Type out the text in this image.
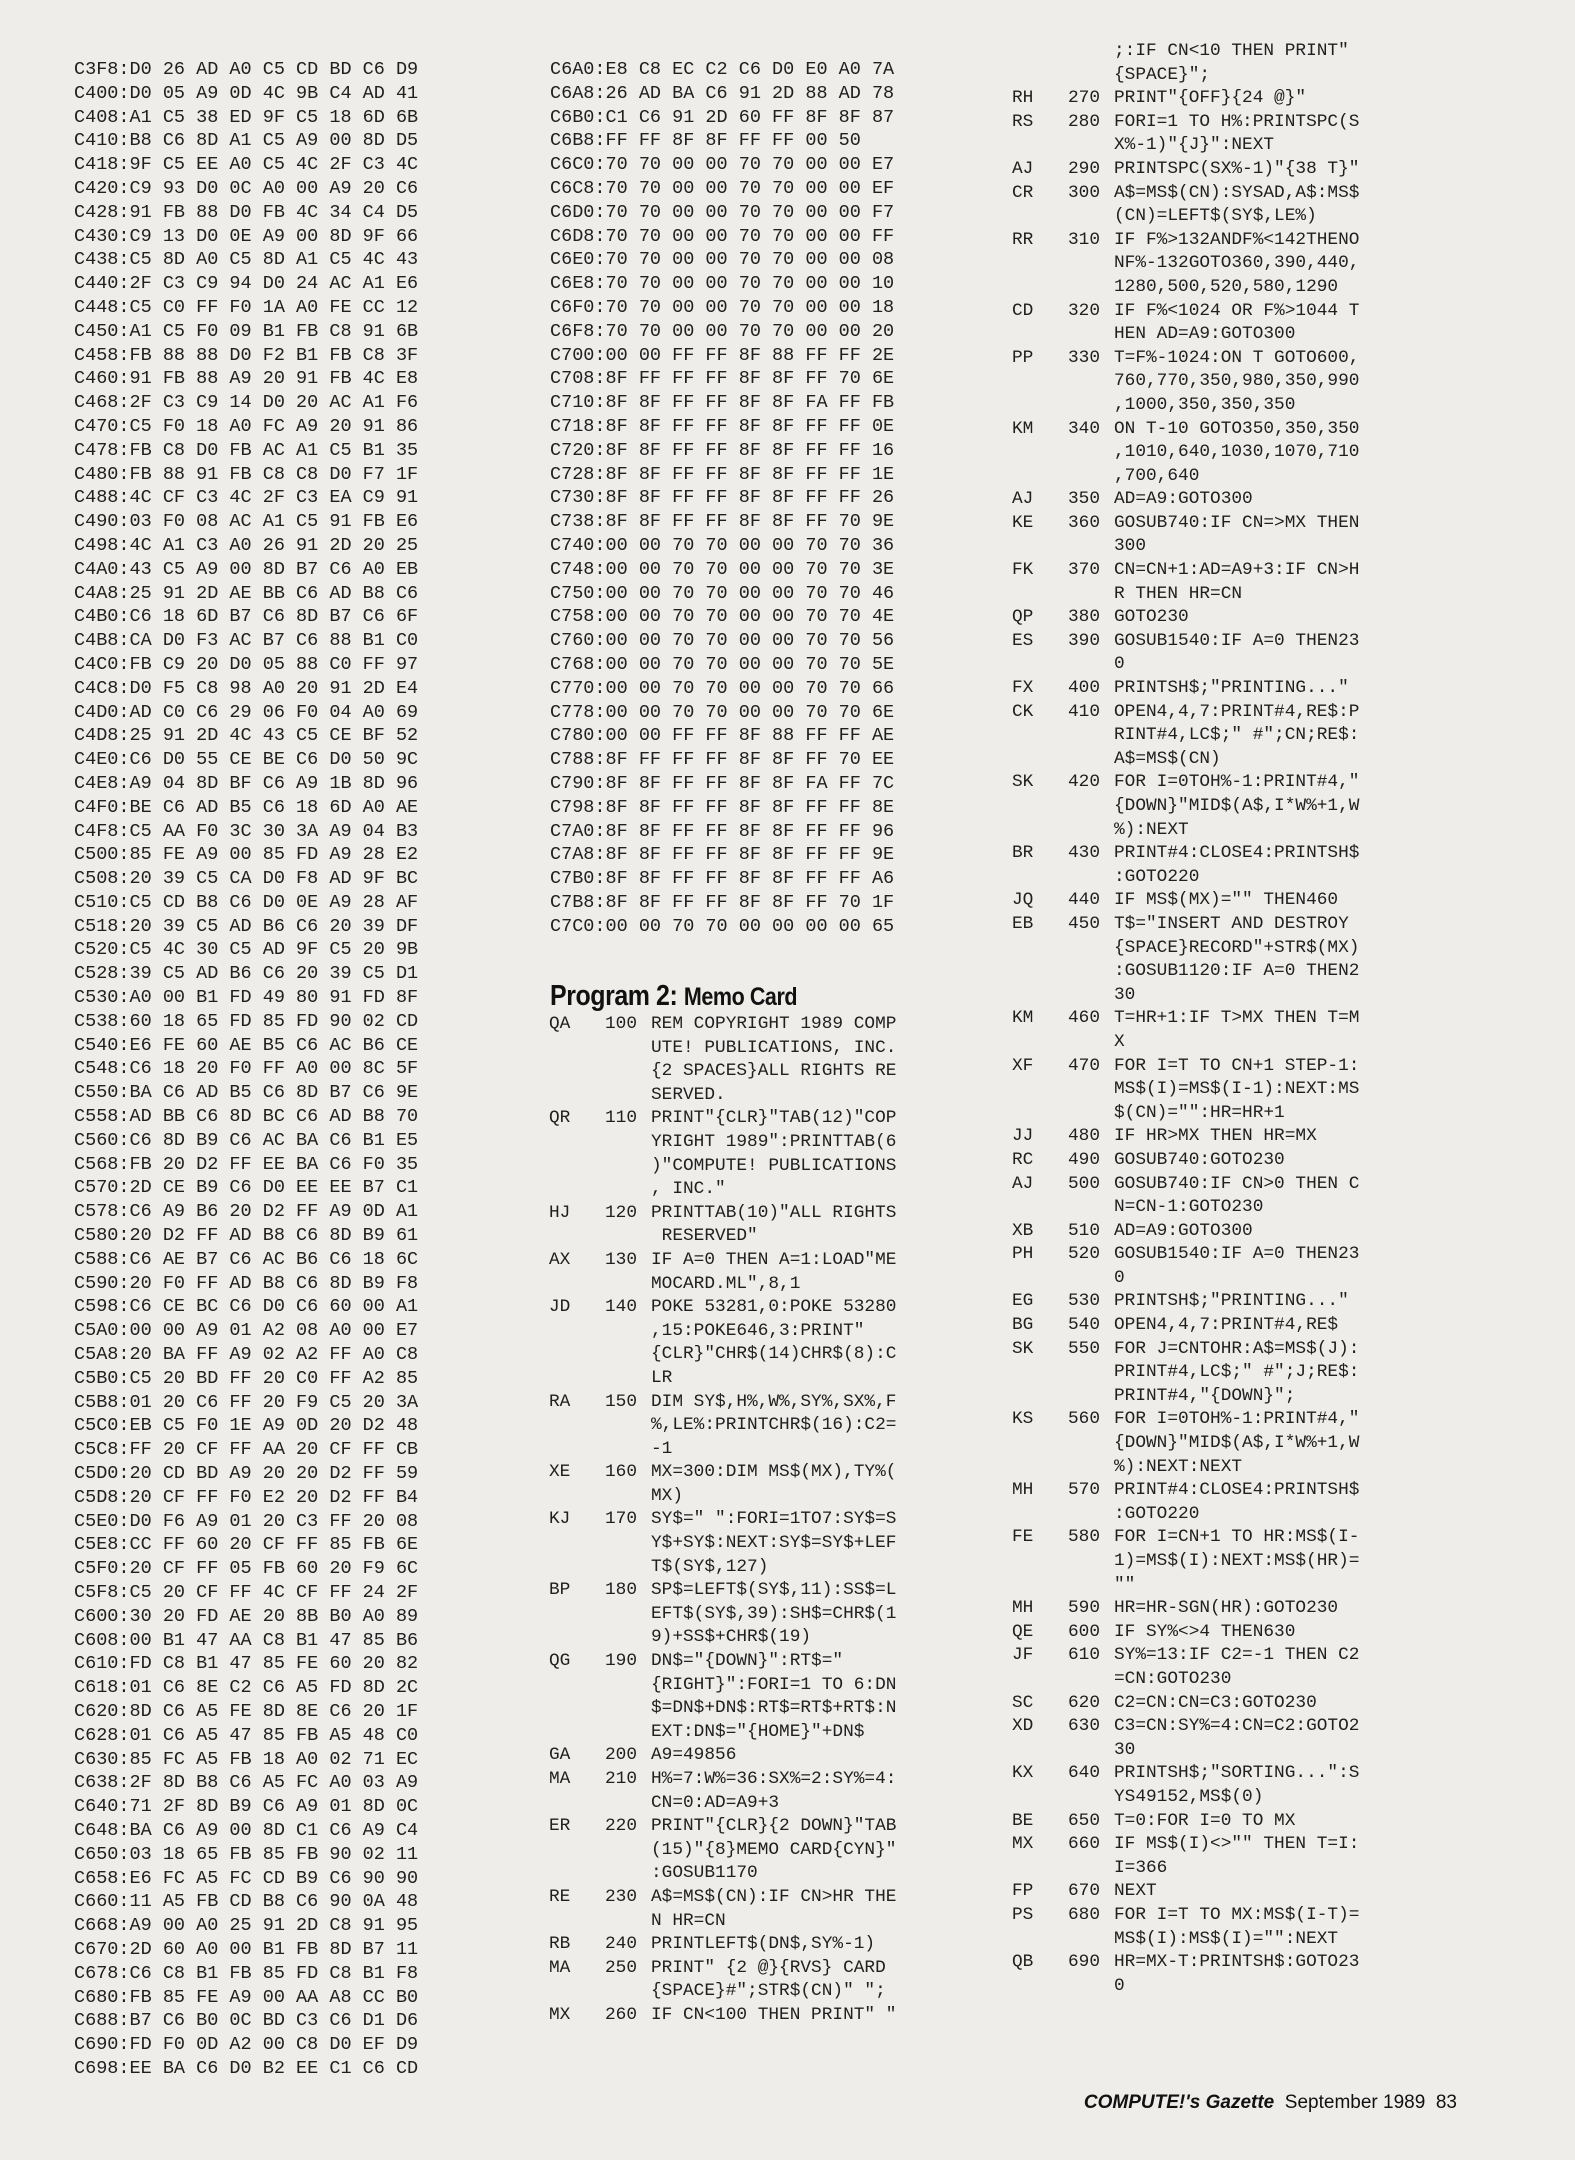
C3F8:D0 26 AD A0 C5 CD BD C6 D9
C400:D0 05 A9 0D 4C 9B C4 AD 41
C408:A1 C5 38 ED 9F C5 18 6D 6B
C410:B8 C6 8D A1 C5 A9 00 8D D5
C418:9F C5 EE A0 C5 4C 2F C3 4C
C420:C9 93 D0 0C A0 00 A9 20 C6
C428:91 FB 88 D0 FB 4C 34 C4 D5
C430:C9 13 D0 0E A9 00 8D 9F 66
C438:C5 8D A0 C5 8D A1 C5 4C 43
C440:2F C3 C9 94 D0 24 AC A1 E6
C448:C5 C0 FF F0 1A A0 FE CC 12
C450:A1 C5 F0 09 B1 FB C8 91 6B
C458:FB 88 88 D0 F2 B1 FB C8 3F
C460:91 FB 88 A9 20 91 FB 4C E8
C468:2F C3 C9 14 D0 20 AC A1 F6
C470:C5 F0 18 A0 FC A9 20 91 86
C478:FB C8 D0 FB AC A1 C5 B1 35
C480:FB 88 91 FB C8 C8 D0 F7 1F
C488:4C CF C3 4C 2F C3 EA C9 91
C490:03 F0 08 AC A1 C5 91 FB E6
C498:4C A1 C3 A0 26 91 2D 20 25
C4A0:43 C5 A9 00 8D B7 C6 A0 EB
C4A8:25 91 2D AE BB C6 AD B8 C6
C4B0:C6 18 6D B7 C6 8D B7 C6 6F
C4B8:CA D0 F3 AC B7 C6 88 B1 C0
C4C0:FB C9 20 D0 05 88 C0 FF 97
C4C8:D0 F5 C8 98 A0 20 91 2D E4
C4D0:AD C0 C6 29 06 F0 04 A0 69
C4D8:25 91 2D 4C 43 C5 CE BF 52
C4E0:C6 D0 55 CE BE C6 D0 50 9C
C4E8:A9 04 8D BF C6 A9 1B 8D 96
C4F0:BE C6 AD B5 C6 18 6D A0 AE
C4F8:C5 AA F0 3C 30 3A A9 04 B3
C500:85 FE A9 00 85 FD A9 28 E2
C508:20 39 C5 CA D0 F8 AD 9F BC
C510:C5 CD B8 C6 D0 0E A9 28 AF
C518:20 39 C5 AD B6 C6 20 39 DF
C520:C5 4C 30 C5 AD 9F C5 20 9B
C528:39 C5 AD B6 C6 20 39 C5 D1
C530:A0 00 B1 FD 49 80 91 FD 8F
C538:60 18 65 FD 85 FD 90 02 CD
C540:E6 FE 60 AE B5 C6 AC B6 CE
C548:C6 18 20 F0 FF A0 00 8C 5F
C550:BA C6 AD B5 C6 8D B7 C6 9E
C558:AD BB C6 8D BC C6 AD B8 70
C560:C6 8D B9 C6 AC BA C6 B1 E5
C568:FB 20 D2 FF EE BA C6 F0 35
C570:2D CE B9 C6 D0 EE EE B7 C1
C578:C6 A9 B6 20 D2 FF A9 0D A1
C580:20 D2 FF AD B8 C6 8D B9 61
C588:C6 AE B7 C6 AC B6 C6 18 6C
C590:20 F0 FF AD B8 C6 8D B9 F8
C598:C6 CE BC C6 D0 C6 60 00 A1
C5A0:00 00 A9 01 A2 08 A0 00 E7
C5A8:20 BA FF A9 02 A2 FF A0 C8
C5B0:C5 20 BD FF 20 C0 FF A2 85
C5B8:01 20 C6 FF 20 F9 C5 20 3A
C5C0:EB C5 F0 1E A9 0D 20 D2 48
C5C8:FF 20 CF FF AA 20 CF FF CB
C5D0:20 CD BD A9 20 20 D2 FF 59
C5D8:20 CF FF F0 E2 20 D2 FF B4
C5E0:D0 F6 A9 01 20 C3 FF 20 08
C5E8:CC FF 60 20 CF FF 85 FB 6E
C5F0:20 CF FF 05 FB 60 20 F9 6C
C5F8:C5 20 CF FF 4C CF FF 24 2F
C600:30 20 FD AE 20 8B B0 A0 89
C608:00 B1 47 AA C8 B1 47 85 B6
C610:FD C8 B1 47 85 FE 60 20 82
C618:01 C6 8E C2 C6 A5 FD 8D 2C
C620:8D C6 A5 FE 8D 8E C6 20 1F
C628:01 C6 A5 47 85 FB A5 48 C0
C630:85 FC A5 FB 18 A0 02 71 EC
C638:2F 8D B8 C6 A5 FC A0 03 A9
C640:71 2F 8D B9 C6 A9 01 8D 0C
C648:BA C6 A9 00 8D C1 C6 A9 C4
C650:03 18 65 FB 85 FB 90 02 11
C658:E6 FC A5 FC CD B9 C6 90 90
C660:11 A5 FB CD B8 C6 90 0A 48
C668:A9 00 A0 25 91 2D C8 91 95
C670:2D 60 A0 00 B1 FB 8D B7 11
C678:C6 C8 B1 FB 85 FD C8 B1 F8
C680:FB 85 FE A9 00 AA A8 CC B0
C688:B7 C6 B0 0C BD C3 C6 D1 D6
C690:FD F0 0D A2 00 C8 D0 EF D9
C698:EE BA C6 D0 B2 EE C1 C6 CD
C6A0:E8 C8 EC C2 C6 D0 E0 A0 7A
C6A8:26 AD BA C6 91 2D 88 AD 78
C6B0:C1 C6 91 2D 60 FF 8F 8F 87
C6B8:FF FF 8F 8F FF FF 00 50
C6C0:70 70 00 00 70 70 00 00 E7
C6C8:70 70 00 00 70 70 00 00 EF
C6D0:70 70 00 00 70 70 00 00 F7
C6D8:70 70 00 00 70 70 00 00 FF
C6E0:70 70 00 00 70 70 00 00 08
C6E8:70 70 00 00 70 70 00 00 10
C6F0:70 70 00 00 70 70 00 00 18
C6F8:70 70 00 00 70 70 00 00 20
C700:00 00 FF FF 8F 88 FF FF 2E
C708:8F FF FF FF 8F 8F FF 70 6E
C710:8F 8F FF FF 8F 8F FA FF FB
C718:8F 8F FF FF 8F 8F FF FF 0E
C720:8F 8F FF FF 8F 8F FF FF 16
C728:8F 8F FF FF 8F 8F FF FF 1E
C730:8F 8F FF FF 8F 8F FF FF 26
C738:8F 8F FF FF 8F 8F FF 70 9E
C740:00 00 70 70 00 00 70 70 36
C748:00 00 70 70 00 00 70 70 3E
C750:00 00 70 70 00 00 70 70 46
C758:00 00 70 70 00 00 70 70 4E
C760:00 00 70 70 00 00 70 70 56
C768:00 00 70 70 00 00 70 70 5E
C770:00 00 70 70 00 00 70 70 66
C778:00 00 70 70 00 00 70 70 6E
C780:00 00 FF FF 8F 88 FF FF AE
C788:8F FF FF FF 8F 8F FF 70 EE
C790:8F 8F FF FF 8F 8F FA FF 7C
C798:8F 8F FF FF 8F 8F FF FF 8E
C7A0:8F 8F FF FF 8F 8F FF FF 96
C7A8:8F 8F FF FF 8F 8F FF FF 9E
C7B0:8F 8F FF FF 8F 8F FF FF A6
C7B8:8F 8F FF FF 8F 8F FF 70 1F
C7C0:00 00 70 70 00 00 00 00 65
Program 2: Memo Card
QA	100 REM COPYRIGHT 1989 COMP
UTE! PUBLICATIONS, INC.
{2 SPACES}ALL RIGHTS RE
SERVED.
QR	110 PRINT"{CLR}"TAB(12)"COP
YRIGHT 1989":PRINTTAB(6
)"COMPUTE! PUBLICATIONS
, INC."
HJ	120 PRINTTAB(10)"ALL RIGHTS
RESERVED"
AX	130 IF A=0 THEN A=1:LOAD"ME
MOCARD.ML",8,1
JD	140 POKE 53281,0:POKE 53280
,15:POKE646,3:PRINT"
{CLR}"CHR$(14)CHR$(8):C
LR
RA	150 DIM SY$,H%,W%,SY%,SX%,F
%,LE%:PRINTCHR$(16):C2=
-1
XE	160 MX=300:DIM MS$(MX),TY%(
MX)
KJ	170 SY$=" ":FORI=1TO7:SY$=S
Y$+SY$:NEXT:SY$=SY$+LEF
T$(SY$,127)
BP	180 SP$=LEFT$(SY$,11):SS$=L
EFT$(SY$,39):SH$=CHR$(1
9)+SS$+CHR$(19)
QG	190 DN$="{DOWN}":RT$="
{RIGHT}":FORI=1 TO 6:DN
$=DN$+DN$:RT$=RT$+RT$:N
EXT:DN$="{HOME}"+DN$
GA	200 A9=49856
MA	210 H%=7:W%=36:SX%=2:SY%=4:
CN=0:AD=A9+3
ER	220 PRINT"{CLR}{2 DOWN}"TAB
(15)"{8}MEMO CARD{CYN}"
:GOSUB1170
RE	230 A$=MS$(CN):IF CN>HR THE
N HR=CN
RB	240 PRINTLEFT$(DN$,SY%-1)
MA	250 PRINT" {2 @}{RVS} CARD
{SPACE}#";STR$(CN)" ";
MX	260 IF CN<100 THEN PRINT" "
;:IF CN<10 THEN PRINT"
{SPACE}";
RH	270 PRINT"{OFF}{24 @}"
RS	280 FORI=1 TO H%:PRINTSPC(S
X%-1)"{J}":NEXT
AJ	290 PRINTSPC(SX%-1)"{38 T}"
CR	300 A$=MS$(CN):SYSAD,A$:MS$
(CN)=LEFT$(SY$,LE%)
RR	310 IF F%>132ANDF%<142THENO
NF%-132GOTO360,390,440,
1280,500,520,580,1290
CD	320 IF F%<1024 OR F%>1044 T
HEN AD=A9:GOTO300
PP	330 T=F%-1024:ON T GOTO600,
760,770,350,980,350,990
,1000,350,350,350
KM	340 ON T-10 GOTO350,350,350
,1010,640,1030,1070,710
,700,640
AJ	350 AD=A9:GOTO300
KE	360 GOSUB740:IF CN=>MX THEN
300
FK	370 CN=CN+1:AD=A9+3:IF CN>H
R THEN HR=CN
QP	380 GOTO230
ES	390 GOSUB1540:IF A=0 THEN23
0
FX	400 PRINTSH$;"PRINTING..."
CK	410 OPEN4,4,7:PRINT#4,RE$:P
RINT#4,LC$;" #";CN;RE$:
A$=MS$(CN)
SK	420 FOR I=0TOH%-1:PRINT#4,"
{DOWN}"MID$(A$,I*W%+1,W
%):NEXT
BR	430 PRINT#4:CLOSE4:PRINTSH$
:GOTO220
JQ	440 IF MS$(MX)="" THEN460
EB	450 T$="INSERT AND DESTROY
{SPACE}RECORD"+STR$(MX)
:GOSUB1120:IF A=0 THEN2
30
KM	460 T=HR+1:IF T>MX THEN T=M
X
XF	470 FOR I=T TO CN+1 STEP-1:
MS$(I)=MS$(I-1):NEXT:MS
$(CN)="":HR=HR+1
JJ	480 IF HR>MX THEN HR=MX
RC	490 GOSUB740:GOTO230
AJ	500 GOSUB740:IF CN>0 THEN C
N=CN-1:GOTO230
XB	510 AD=A9:GOTO300
PH	520 GOSUB1540:IF A=0 THEN23
0
EG	530 PRINTSH$;"PRINTING..."
BG	540 OPEN4,4,7:PRINT#4,RE$
SK	550 FOR J=CNTOHR:A$=MS$(J):
PRINT#4,LC$;" #";J;RE$:
PRINT#4,"{DOWN}";
KS	560 FOR I=0TOH%-1:PRINT#4,"
{DOWN}"MID$(A$,I*W%+1,W
%):NEXT:NEXT
MH	570 PRINT#4:CLOSE4:PRINTSH$
:GOTO220
FE	580 FOR I=CN+1 TO HR:MS$(I-
1)=MS$(I):NEXT:MS$(HR)=
""
MH	590 HR=HR-SGN(HR):GOTO230
QE	600 IF SY%<>4 THEN630
JF	610 SY%=13:IF C2=-1 THEN C2
=CN:GOTO230
SC	620 C2=CN:CN=C3:GOTO230
XD	630 C3=CN:SY%=4:CN=C2:GOTO2
30
KX	640 PRINTSH$;"SORTING...":S
YS49152,MS$(0)
BE	650 T=0:FOR I=0 TO MX
MX	660 IF MS$(I)<>"" THEN T=I:
I=366
FP	670 NEXT
PS	680 FOR I=T TO MX:MS$(I-T)=
MS$(I):MS$(I)="":NEXT
QB	690 HR=MX-T:PRINTSH$:GOTO23
0
COMPUTE!'s Gazette September 1989 83
